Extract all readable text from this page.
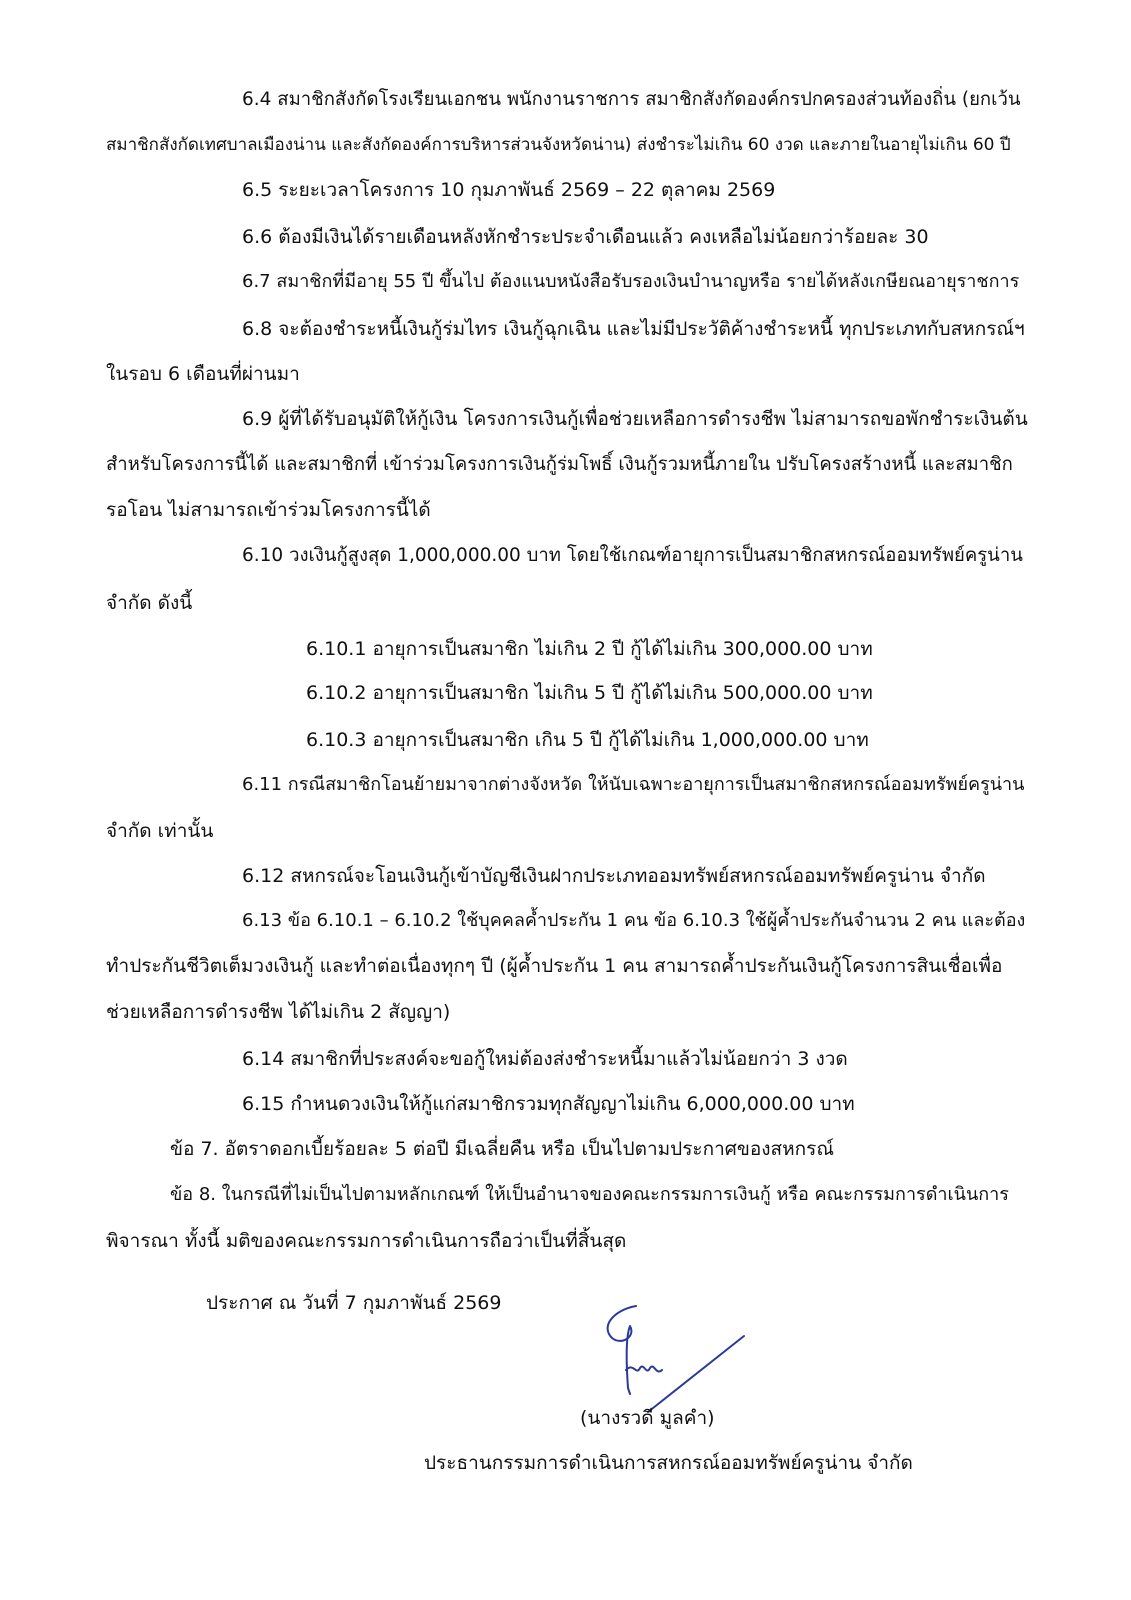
6.4 สมาชิกสังกัดโรงเรียนเอกชน พนักงานราชการ สมาชิกสังกัดองค์กรปกครองส่วนท้องถิ่น (ยกเว้น
สมาชิกสังกัดเทศบาลเมืองน่าน และสังกัดองค์การบริหารส่วนจังหวัดน่าน) ส่งชำระไม่เกิน 60 งวด และภายในอายุไม่เกิน 60 ปี
6.5 ระยะเวลาโครงการ 10 กุมภาพันธ์ 2569 – 22 ตุลาคม 2569
6.6 ต้องมีเงินได้รายเดือนหลังหักชำระประจำเดือนแล้ว คงเหลือไม่น้อยกว่าร้อยละ 30
6.7 สมาชิกที่มีอายุ 55 ปี ขึ้นไป ต้องแนบหนังสือรับรองเงินบำนาญหรือ รายได้หลังเกษียณอายุราชการ
6.8 จะต้องชำระหนี้เงินกู้ร่มไทร เงินกู้ฉุกเฉิน และไม่มีประวัติค้างชำระหนี้ ทุกประเภทกับสหกรณ์ฯ
ในรอบ 6 เดือนที่ผ่านมา
6.9 ผู้ที่ได้รับอนุมัติให้กู้เงิน โครงการเงินกู้เพื่อช่วยเหลือการดำรงชีพ ไม่สามารถขอพักชำระเงินต้น
สำหรับโครงการนี้ได้ และสมาชิกที่ เข้าร่วมโครงการเงินกู้ร่มโพธิ์ เงินกู้รวมหนี้ภายใน ปรับโครงสร้างหนี้ และสมาชิก
รอโอน ไม่สามารถเข้าร่วมโครงการนี้ได้
6.10 วงเงินกู้สูงสุด 1,000,000.00 บาท โดยใช้เกณฑ์อายุการเป็นสมาชิกสหกรณ์ออมทรัพย์ครูน่าน
จำกัด ดังนี้
6.10.1 อายุการเป็นสมาชิก ไม่เกิน 2 ปี กู้ได้ไม่เกิน 300,000.00 บาท
6.10.2 อายุการเป็นสมาชิก ไม่เกิน 5 ปี กู้ได้ไม่เกิน 500,000.00 บาท
6.10.3 อายุการเป็นสมาชิก เกิน 5 ปี กู้ได้ไม่เกิน 1,000,000.00 บาท
6.11 กรณีสมาชิกโอนย้ายมาจากต่างจังหวัด ให้นับเฉพาะอายุการเป็นสมาชิกสหกรณ์ออมทรัพย์ครูน่าน
จำกัด เท่านั้น
6.12 สหกรณ์จะโอนเงินกู้เข้าบัญชีเงินฝากประเภทออมทรัพย์สหกรณ์ออมทรัพย์ครูน่าน จำกัด
6.13 ข้อ 6.10.1 – 6.10.2 ใช้บุคคลค้ำประกัน 1 คน ข้อ 6.10.3 ใช้ผู้ค้ำประกันจำนวน 2 คน และต้อง
ทำประกันชีวิตเต็มวงเงินกู้ และทำต่อเนื่องทุกๆ ปี (ผู้ค้ำประกัน 1 คน สามารถค้ำประกันเงินกู้โครงการสินเชื่อเพื่อ
ช่วยเหลือการดำรงชีพ ได้ไม่เกิน 2 สัญญา)
6.14 สมาชิกที่ประสงค์จะขอกู้ใหม่ต้องส่งชำระหนี้มาแล้วไม่น้อยกว่า 3 งวด
6.15 กำหนดวงเงินให้กู้แก่สมาชิกรวมทุกสัญญาไม่เกิน 6,000,000.00 บาท
ข้อ 7. อัตราดอกเบี้ยร้อยละ 5 ต่อปี มีเฉลี่ยคืน หรือ เป็นไปตามประกาศของสหกรณ์
ข้อ 8. ในกรณีที่ไม่เป็นไปตามหลักเกณฑ์ ให้เป็นอำนาจของคณะกรรมการเงินกู้ หรือ คณะกรรมการดำเนินการ
พิจารณา ทั้งนี้ มติของคณะกรรมการดำเนินการถือว่าเป็นที่สิ้นสุด
ประกาศ ณ วันที่ 7 กุมภาพันธ์ 2569
(นางรวดี มูลคำ)
ประธานกรรมการดำเนินการสหกรณ์ออมทรัพย์ครูน่าน จำกัด
